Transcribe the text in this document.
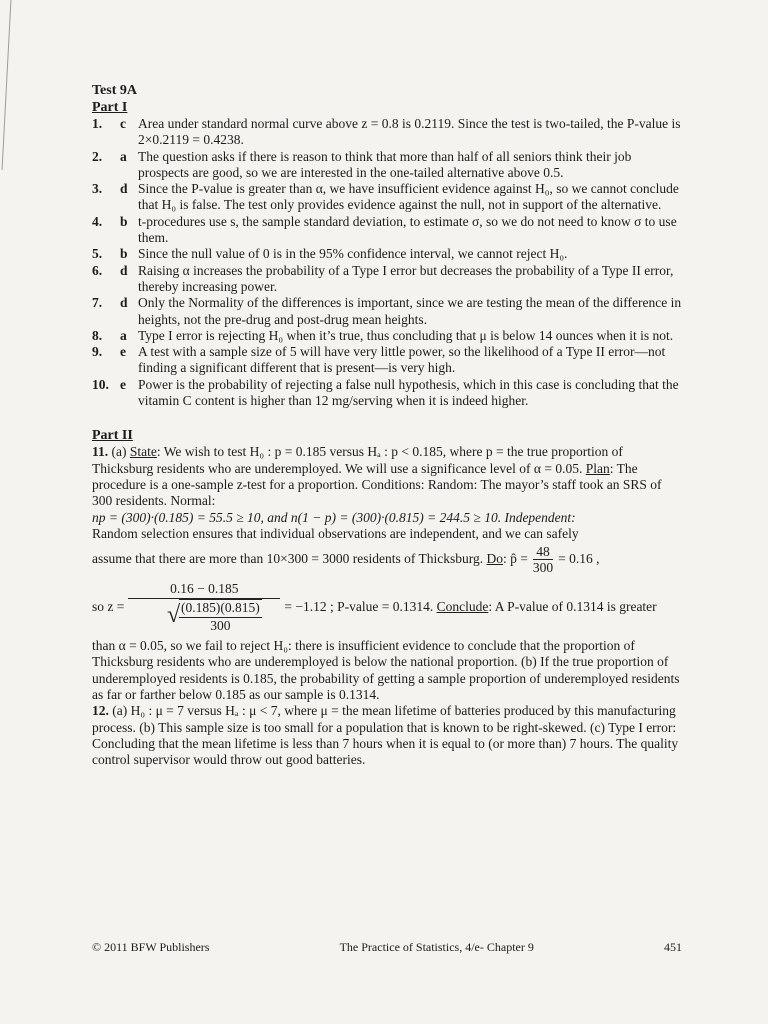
Test 9A
Part I
1.	c Area under standard normal curve above z = 0.8 is 0.2119. Since the test is two-tailed, the P-value is 2×0.2119 = 0.4238.
2.	a The question asks if there is reason to think that more than half of all seniors think their job prospects are good, so we are interested in the one-tailed alternative above 0.5.
3.	d Since the P-value is greater than α, we have insufficient evidence against H₀, so we cannot conclude that H₀ is false. The test only provides evidence against the null, not in support of the alternative.
4.	b t-procedures use s, the sample standard deviation, to estimate σ, so we do not need to know σ to use them.
5.	b Since the null value of 0 is in the 95% confidence interval, we cannot reject H₀.
6.	d Raising α increases the probability of a Type I error but decreases the probability of a Type II error, thereby increasing power.
7.	d Only the Normality of the differences is important, since we are testing the mean of the difference in heights, not the pre-drug and post-drug mean heights.
8.	a Type I error is rejecting H₀ when it’s true, thus concluding that μ is below 14 ounces when it is not.
9.	e A test with a sample size of 5 will have very little power, so the likelihood of a Type II error—not finding a significant different that is present—is very high.
10. e Power is the probability of rejecting a false null hypothesis, which in this case is concluding that the vitamin C content is higher than 12 mg/serving when it is indeed higher.
Part II

11. (a) State: We wish to test H₀ : p = 0.185 versus Hₐ : p < 0.185, where p = the true proportion of Thicksburg residents who are underemployed. We will use a significance level of α = 0.05. Plan: The procedure is a one-sample z-test for a proportion. Conditions: Random: The mayor’s staff took an SRS of 300 residents. Normal:

np = (300)·(0.185) = 55.5 ≥ 10, and n(1 − p) = (300)·(0.815) = 244.5 ≥ 10. Independent:

Random selection ensures that individual observations are independent, and we can safely

assume that there are more than 10×300 = 3000 residents of Thicksburg.
Do : p̂ = $\frac{48}{300} = 0.16$ ,

so z = 0.16 − 0.185
√
$\frac{(0.185)(0.815)}{300} = -1.12$ ; P-value = 0.1314.
Conclude : A P-value of 0.1314 is greater

than α = 0.05, so we fail to reject H₀: there is insufficient evidence to conclude that the proportion of Thicksburg residents who are underemployed is below the national proportion. (b) If the true proportion of underemployed residents is 0.185, the probability of getting a sample proportion of underemployed residents as far or farther below 0.185 as our sample is 0.1314.

12. (a) H₀ : μ = 7 versus Hₐ : μ < 7, where μ = the mean lifetime of batteries produced by this manufacturing process. (b) This sample size is too small for a population that is known to be right-skewed. (c) Type I error: Concluding that the mean lifetime is less than 7 hours when it is equal to (or more than) 7 hours. The quality control supervisor would throw out good batteries.

© 2011 BFW Publishers	The Practice of Statistics, 4/e- Chapter 9	451
